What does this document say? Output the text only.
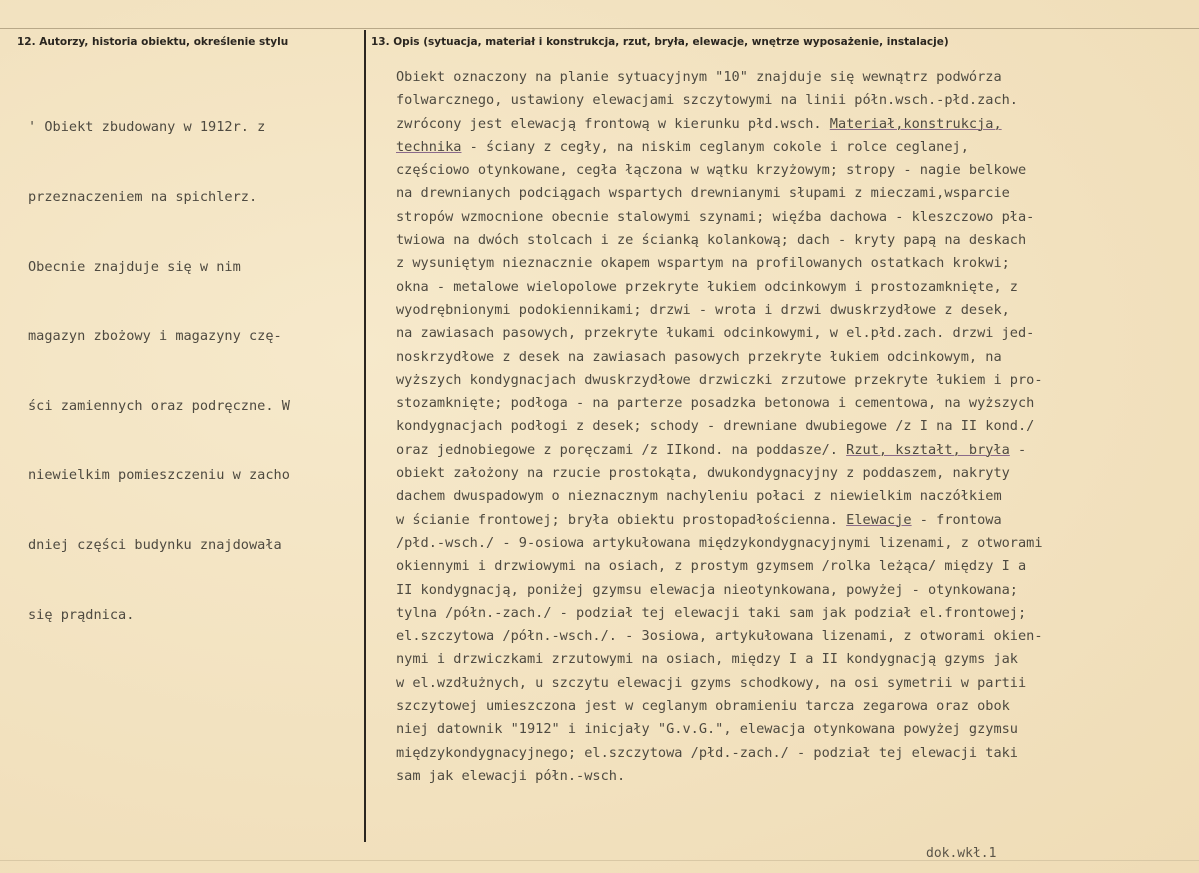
12. Autorzy, historia obiektu, określenie stylu	13. Opis (sytuacja, materiał i konstrukcja, rzut, bryła, elewacje, wnętrze wyposażenie, instalacje)

' Obiekt zbudowany w 1912r. z

przeznaczeniem na spichlerz.

Obecnie znajduje się w nim

magazyn zbożowy i magazyny czę-

ści zamiennych oraz podręczne. W

niewielkim pomieszczeniu w zacho

dniej części budynku znajdowała

się prądnica.

Obiekt oznaczony na planie sytuacyjnym "10" znajduje się wewnątrz podwórza
folwarcznego, ustawiony elewacjami szczytowymi na linii półn.wsch.-płd.zach.
zwrócony jest elewacją frontową w kierunku płd.wsch. Materiał,konstrukcja,
technika - ściany z cegły, na niskim ceglanym cokole i rolce ceglanej,
częściowo otynkowane, cegła łączona w wątku krzyżowym; stropy - nagie belkowe
na drewnianych podciągach wspartych drewnianymi słupami z mieczami,wsparcie
stropów wzmocnione obecnie stalowymi szynami; więźba dachowa - kleszczowo pła-
twiowa na dwóch stolcach i ze ścianką kolankową; dach - kryty papą na deskach
z wysuniętym nieznacznie okapem wspartym na profilowanych ostatkach krokwi;
okna - metalowe wielopolowe przekryte łukiem odcinkowym i prostozamknięte, z
wyodrębnionymi podokiennikami; drzwi - wrota i drzwi dwuskrzydłowe z desek,
na zawiasach pasowych, przekryte łukami odcinkowymi, w el.płd.zach. drzwi jed-
noskrzydłowe z desek na zawiasach pasowych przekryte łukiem odcinkowym, na
wyższych kondygnacjach dwuskrzydłowe drzwiczki zrzutowe przekryte łukiem i pro-
stozamknięte; podłoga - na parterze posadzka betonowa i cementowa, na wyższych
kondygnacjach podłogi z desek; schody - drewniane dwubiegowe /z I na II kond./
oraz jednobiegowe z poręczami /z IIkond. na poddasze/. Rzut, kształt, bryła -
obiekt założony na rzucie prostokąta, dwukondygnacyjny z poddaszem, nakryty
dachem dwuspadowym o nieznacznym nachyleniu połaci z niewielkim naczółkiem
w ścianie frontowej; bryła obiektu prostopadłościenna. Elewacje - frontowa
/płd.-wsch./ - 9-osiowa artykułowana międzykondygnacyjnymi lizenami, z otworami
okiennymi i drzwiowymi na osiach, z prostym gzymsem /rolka leżąca/ między I a
II kondygnacją, poniżej gzymsu elewacja nieotynkowana, powyżej - otynkowana;
tylna /półn.-zach./ - podział tej elewacji taki sam jak podział el.frontowej;
el.szczytowa /półn.-wsch./. - 3osiowa, artykułowana lizenami, z otworami okien-
nymi i drzwiczkami zrzutowymi na osiach, między I a II kondygnacją gzyms jak
w el.wzdłużnych, u szczytu elewacji gzyms schodkowy, na osi symetrii w partii
szczytowej umieszczona jest w ceglanym obramieniu tarcza zegarowa oraz obok
niej datownik "1912" i inicjały "G.v.G.", elewacja otynkowana powyżej gzymsu
międzykondygnacyjnego; el.szczytowa /płd.-zach./ - podział tej elewacji taki
sam jak elewacji półn.-wsch.
dok.wkł.1
